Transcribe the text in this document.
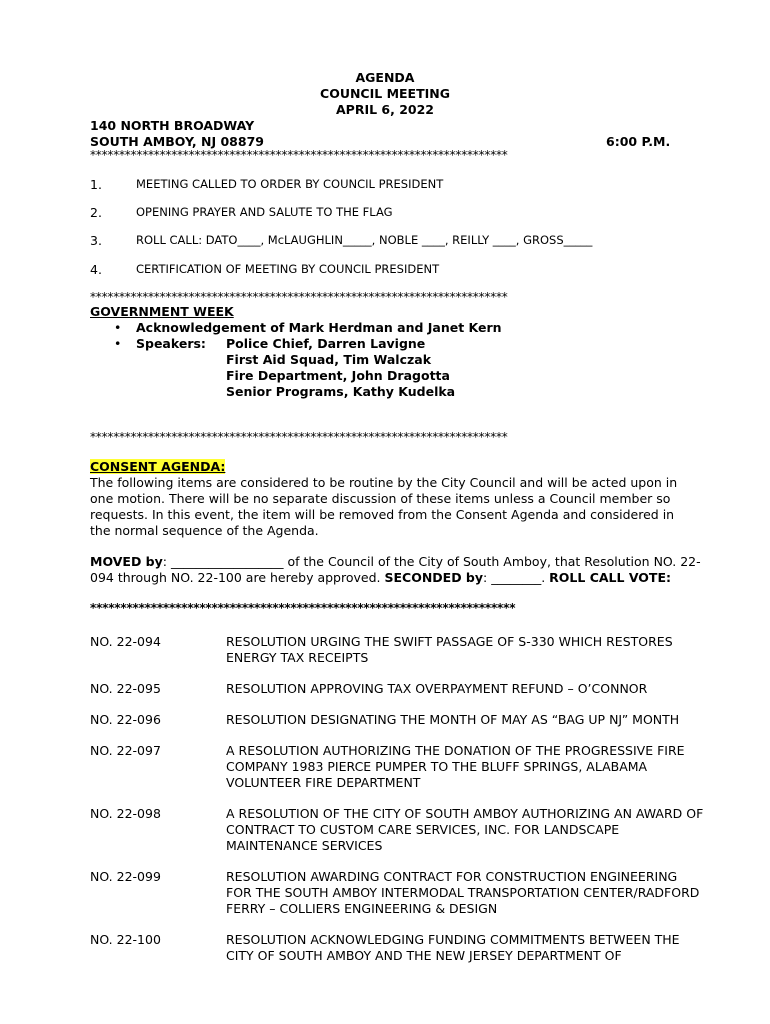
AGENDA
COUNCIL MEETING
APRIL 6, 2022
140 NORTH BROADWAY
SOUTH AMBOY, NJ 08879	6:00 P.M.
************************************************************************
1.	MEETING CALLED TO ORDER BY COUNCIL PRESIDENT
2.	OPENING PRAYER AND SALUTE TO THE FLAG
3.	ROLL CALL: DATO____, McLAUGHLIN_____, NOBLE ____, REILLY ____, GROSS_____
4.	CERTIFICATION OF MEETING BY COUNCIL PRESIDENT
************************************************************************
GOVERNMENT WEEK
• Acknowledgement of Mark Herdman and Janet Kern
• Speakers: Police Chief, Darren Lavigne
First Aid Squad, Tim Walczak
Fire Department, John Dragotta
Senior Programs, Kathy Kudelka
************************************************************************
CONSENT AGENDA:
The following items are considered to be routine by the City Council and will be acted upon in one motion. There will be no separate discussion of these items unless a Council member so requests. In this event, the item will be removed from the Consent Agenda and considered in the normal sequence of the Agenda.
MOVED by: __________________ of the Council of the City of South Amboy, that Resolution NO. 22-094 through NO. 22-100 are hereby approved. SECONDED by: ________. ROLL CALL VOTE:
**********************************************************************
NO. 22-094	RESOLUTION URGING THE SWIFT PASSAGE OF S-330 WHICH RESTORES ENERGY TAX RECEIPTS
NO. 22-095	RESOLUTION APPROVING TAX OVERPAYMENT REFUND – O’CONNOR
NO. 22-096	RESOLUTION DESIGNATING THE MONTH OF MAY AS “BAG UP NJ” MONTH
NO. 22-097	A RESOLUTION AUTHORIZING THE DONATION OF THE PROGRESSIVE FIRE COMPANY 1983 PIERCE PUMPER TO THE BLUFF SPRINGS, ALABAMA VOLUNTEER FIRE DEPARTMENT
NO. 22-098	A RESOLUTION OF THE CITY OF SOUTH AMBOY AUTHORIZING AN AWARD OF CONTRACT TO CUSTOM CARE SERVICES, INC. FOR LANDSCAPE MAINTENANCE SERVICES
NO. 22-099	RESOLUTION AWARDING CONTRACT FOR CONSTRUCTION ENGINEERING FOR THE SOUTH AMBOY INTERMODAL TRANSPORTATION CENTER/RADFORD FERRY – COLLIERS ENGINEERING & DESIGN
NO. 22-100	RESOLUTION ACKNOWLEDGING FUNDING COMMITMENTS BETWEEN THE CITY OF SOUTH AMBOY AND THE NEW JERSEY DEPARTMENT OF
